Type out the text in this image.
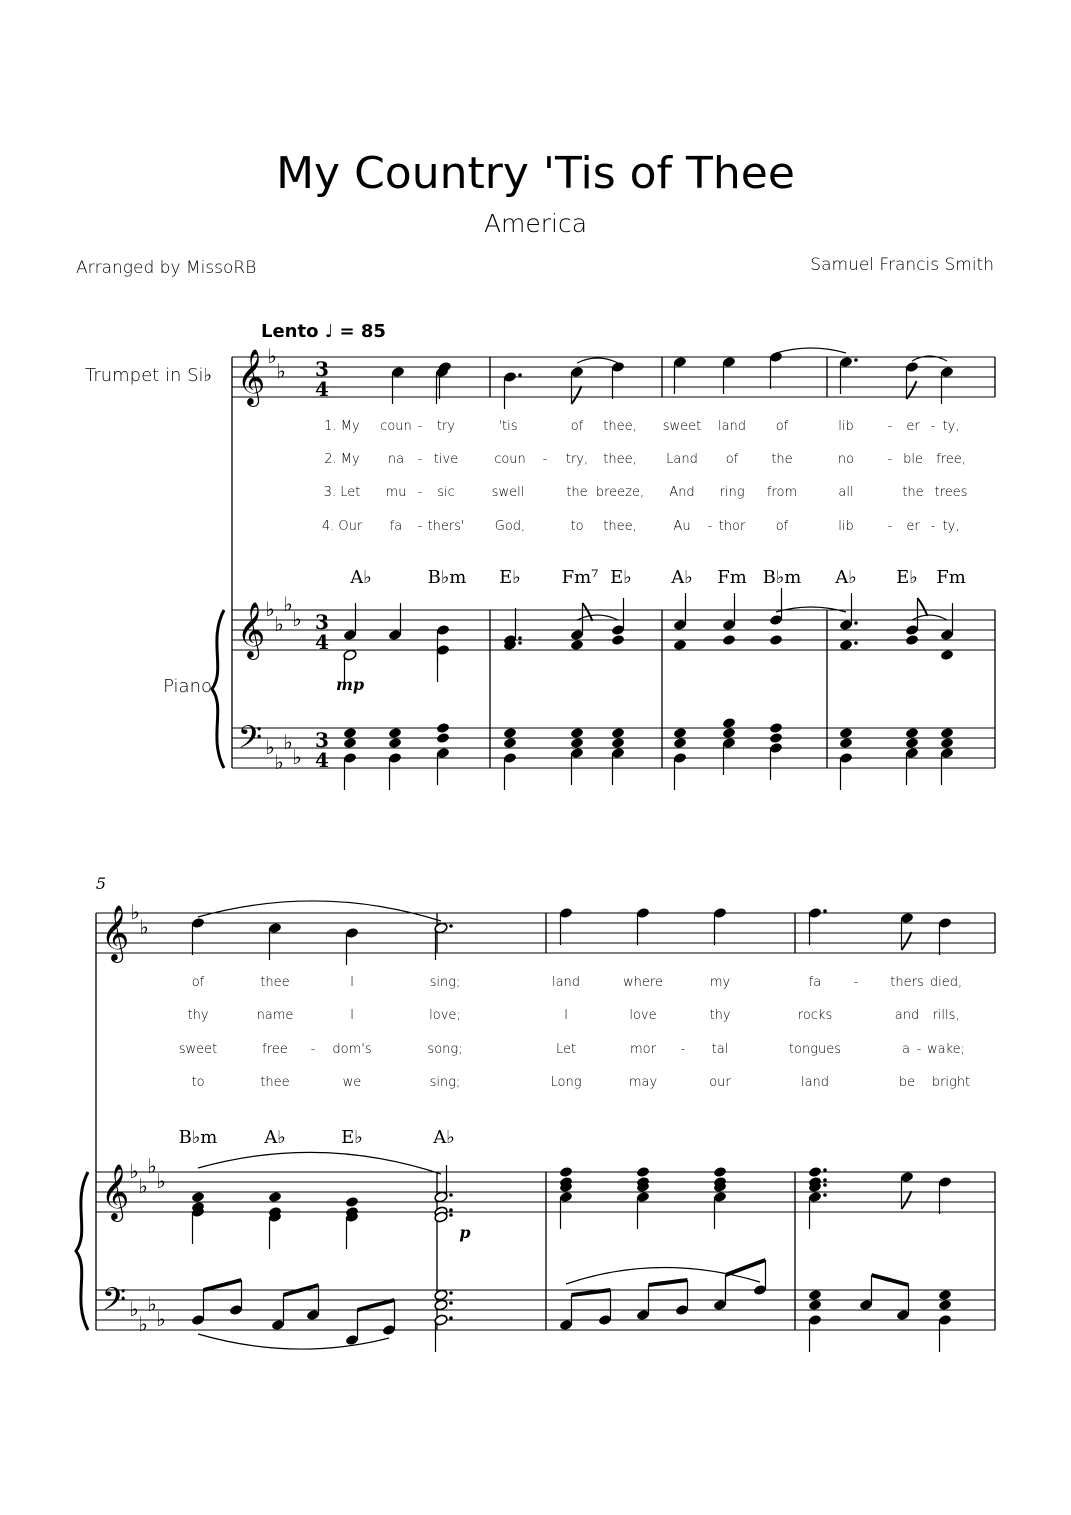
My Country 'Tis of Thee
America
Arranged by MissoRB	Samuel Francis Smith
Lento ♩ = 85
Trumpet in Si♭
Piano
𝄞 ♭
♭ 3
4
𝄞 ♭
♭
♭
♭ 3
4
𝄢 ♭
♭
♭
♭
3
4
1. My coun - try	'tis	of thee, sweet land of	lib	- er - ty,
2. My na - tive	coun - try, thee, Land of	the	no	- ble free,
3. Let mu - sic	swell	the breeze, And ring from	all	the trees
4. Our fa - thers' God,	to thee,	Au - thor of	lib	- er - ty,
A♭	B♭m E♭ Fm⁷ E♭ A♭ Fm B♭m A♭ E♭ Fm
mp
5
𝄞 ♭
♭
𝄞 ♭
♭
♭
♭
𝄢 ♭
♭
♭
♭
of	thee	I	sing;	land	where	my	fa - thers died,
thy	name	I	love;	I	love	thy	rocks	and rills,
sweet	free - dom's	song;	Let	mor - tal	tongues	a - wake;
to	thee	we	sing;	Long	may	our	land	be bright
B♭m	A♭	E♭	A♭
p
